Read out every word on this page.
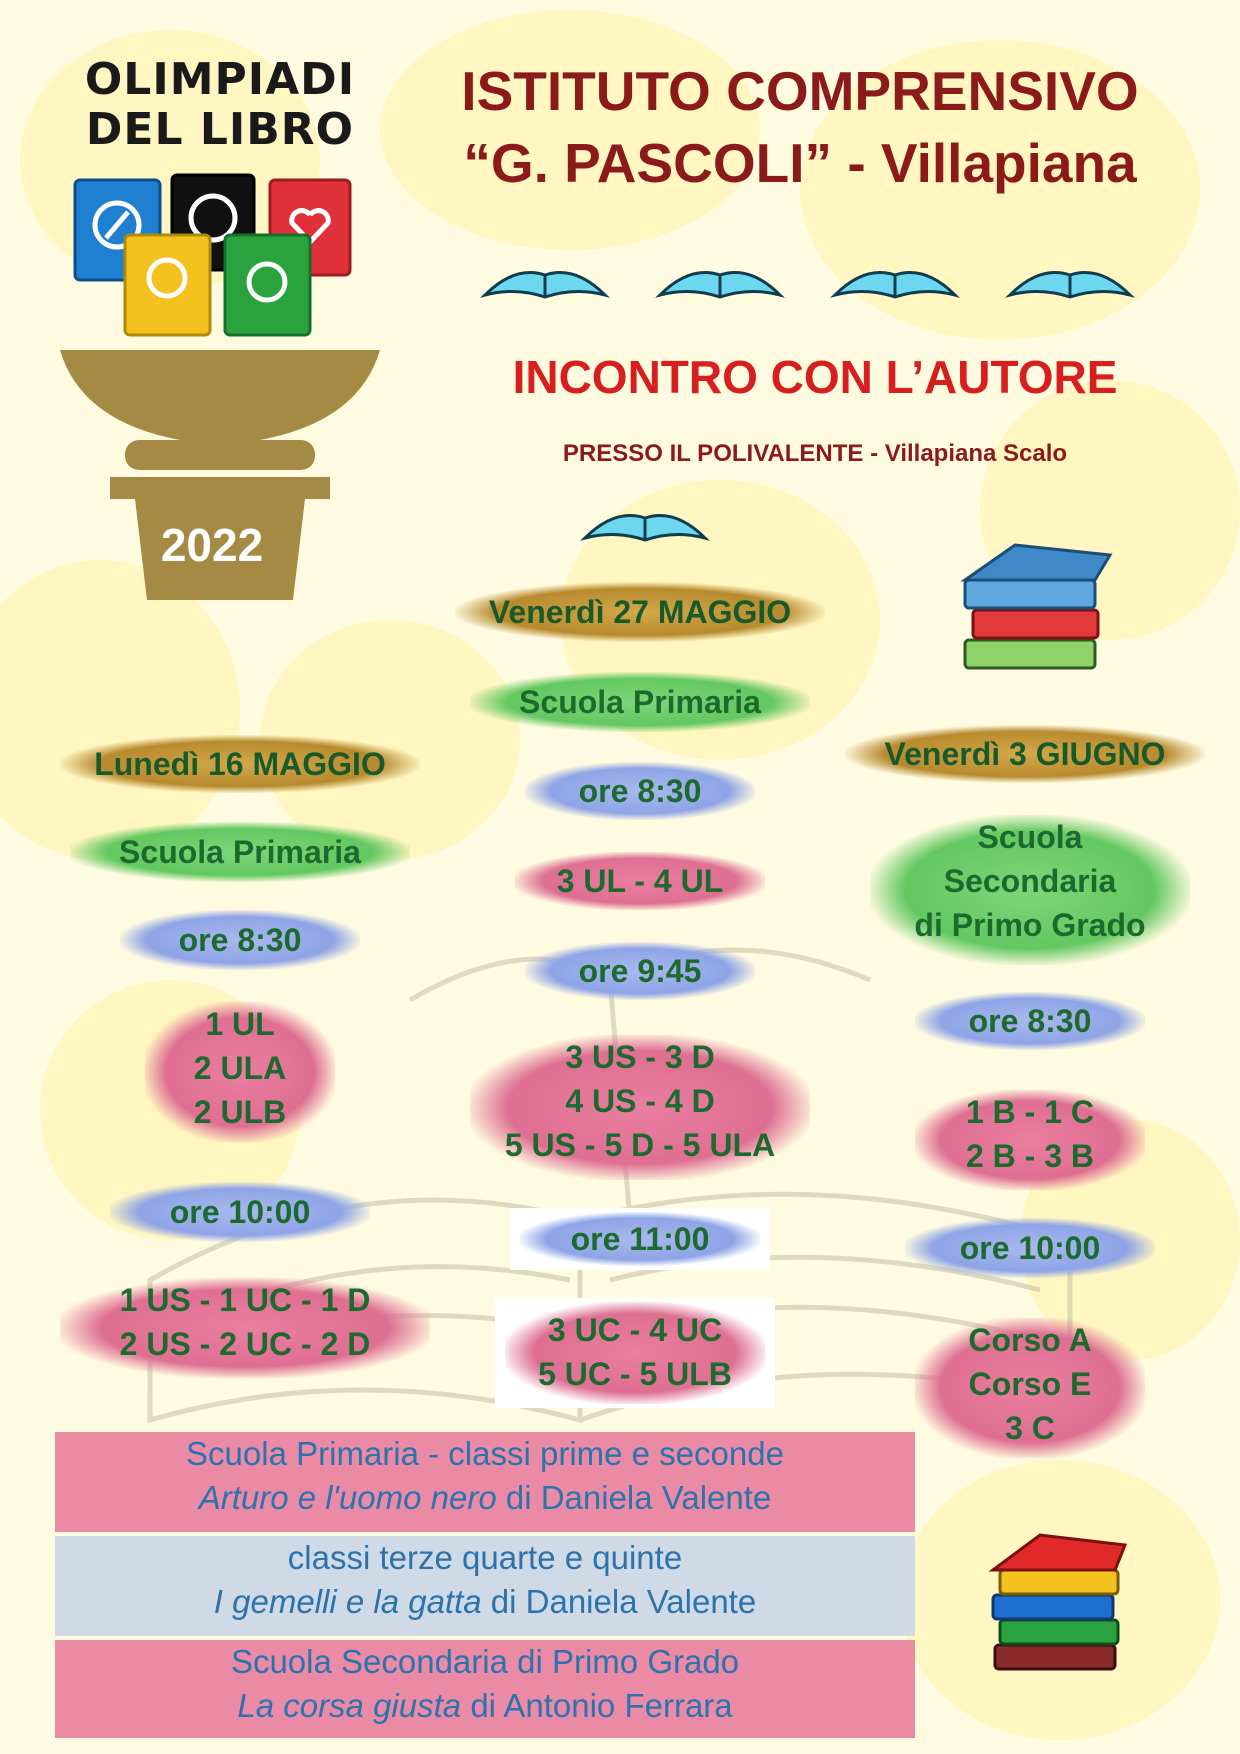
OLIMPIADI
DEL LIBRO
2022
ISTITUTO COMPRENSIVO
“G. PASCOLI” - Villapiana
INCONTRO CON L’AUTORE
PRESSO IL POLIVALENTE - Villapiana Scalo
Lunedì 16 MAGGIO
Scuola Primaria
ore 8:30
1 UL
2 ULA
2 ULB
ore 10:00
1 US - 1 UC - 1 D
2 US - 2 UC - 2 D
Venerdì 27 MAGGIO
Scuola Primaria
ore 8:30
3 UL - 4 UL
ore 9:45
3 US - 3 D
4 US - 4 D
5 US - 5 D - 5 ULA
ore 11:00
3 UC - 4 UC
5 UC - 5 ULB
Venerdì 3 GIUGNO
Scuola
Secondaria
di Primo Grado
ore 8:30
1 B - 1 C
2 B - 3 B
ore 10:00
Corso A
Corso E
3 C
Scuola Primaria - classi prime e seconde
Arturo e l'uomo nero di Daniela Valente
classi terze quarte e quinte
I gemelli e la gatta di Daniela Valente
Scuola Secondaria di Primo Grado
La corsa giusta di Antonio Ferrara
